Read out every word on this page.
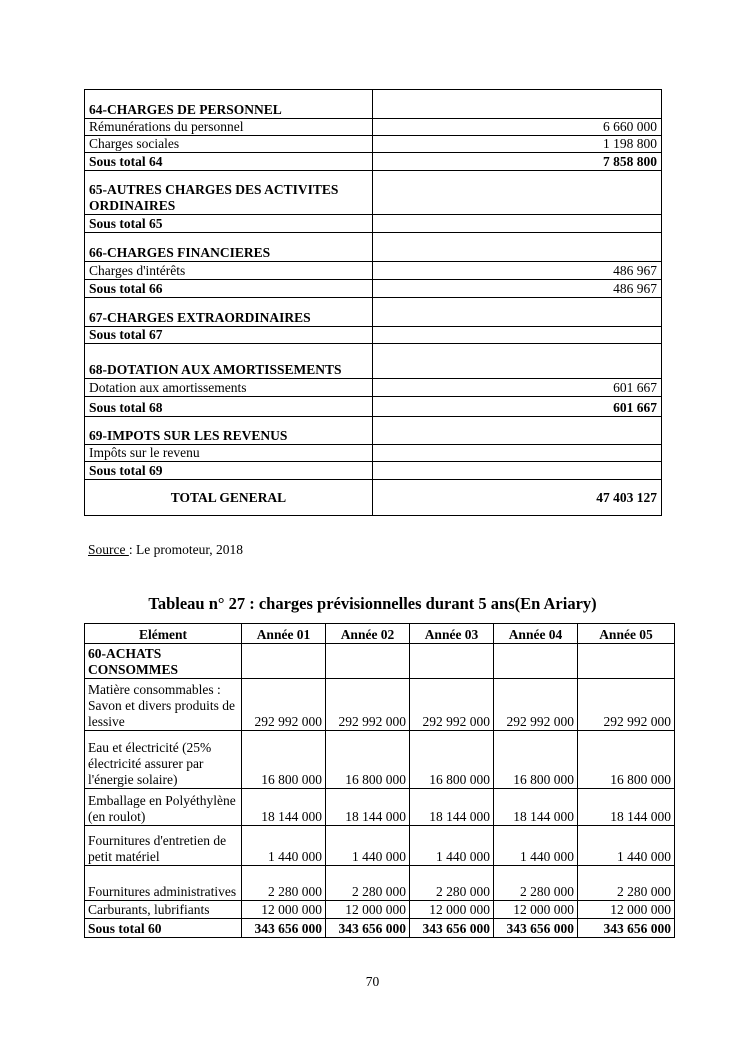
64-CHARGES DE PERSONNEL	
Rémunérations du personnel	6 660 000
Charges sociales	1 198 800
Sous total 64	7 858 800
65-AUTRES CHARGES DES ACTIVITES ORDINAIRES	
Sous total 65	
66-CHARGES FINANCIERES	
Charges d'intérêts	486 967
Sous total 66	486 967
67-CHARGES EXTRAORDINAIRES	
Sous total 67	
68-DOTATION AUX AMORTISSEMENTS	
Dotation aux amortissements	601 667
Sous total 68	601 667
69-IMPOTS SUR LES REVENUS	
Impôts sur le revenu	
Sous total 69	
TOTAL GENERAL	47 403 127
Source : Le promoteur, 2018
Tableau n° 27 : charges prévisionnelles durant 5 ans(En Ariary)
Elément	Année 01	Année 02	Année 03	Année 04	Année 05
60-ACHATS CONSOMMES					
Matière consommables : Savon et divers produits de lessive	292 992 000	292 992 000	292 992 000	292 992 000	292 992 000
Eau et électricité (25% électricité assurer par l'énergie solaire)	16 800 000	16 800 000	16 800 000	16 800 000	16 800 000
Emballage en Polyéthylène (en roulot)	18 144 000	18 144 000	18 144 000	18 144 000	18 144 000
Fournitures d'entretien de petit matériel	1 440 000	1 440 000	1 440 000	1 440 000	1 440 000
Fournitures administratives	2 280 000	2 280 000	2 280 000	2 280 000	2 280 000
Carburants, lubrifiants	12 000 000	12 000 000	12 000 000	12 000 000	12 000 000
Sous total 60	343 656 000	343 656 000	343 656 000	343 656 000	343 656 000
70
